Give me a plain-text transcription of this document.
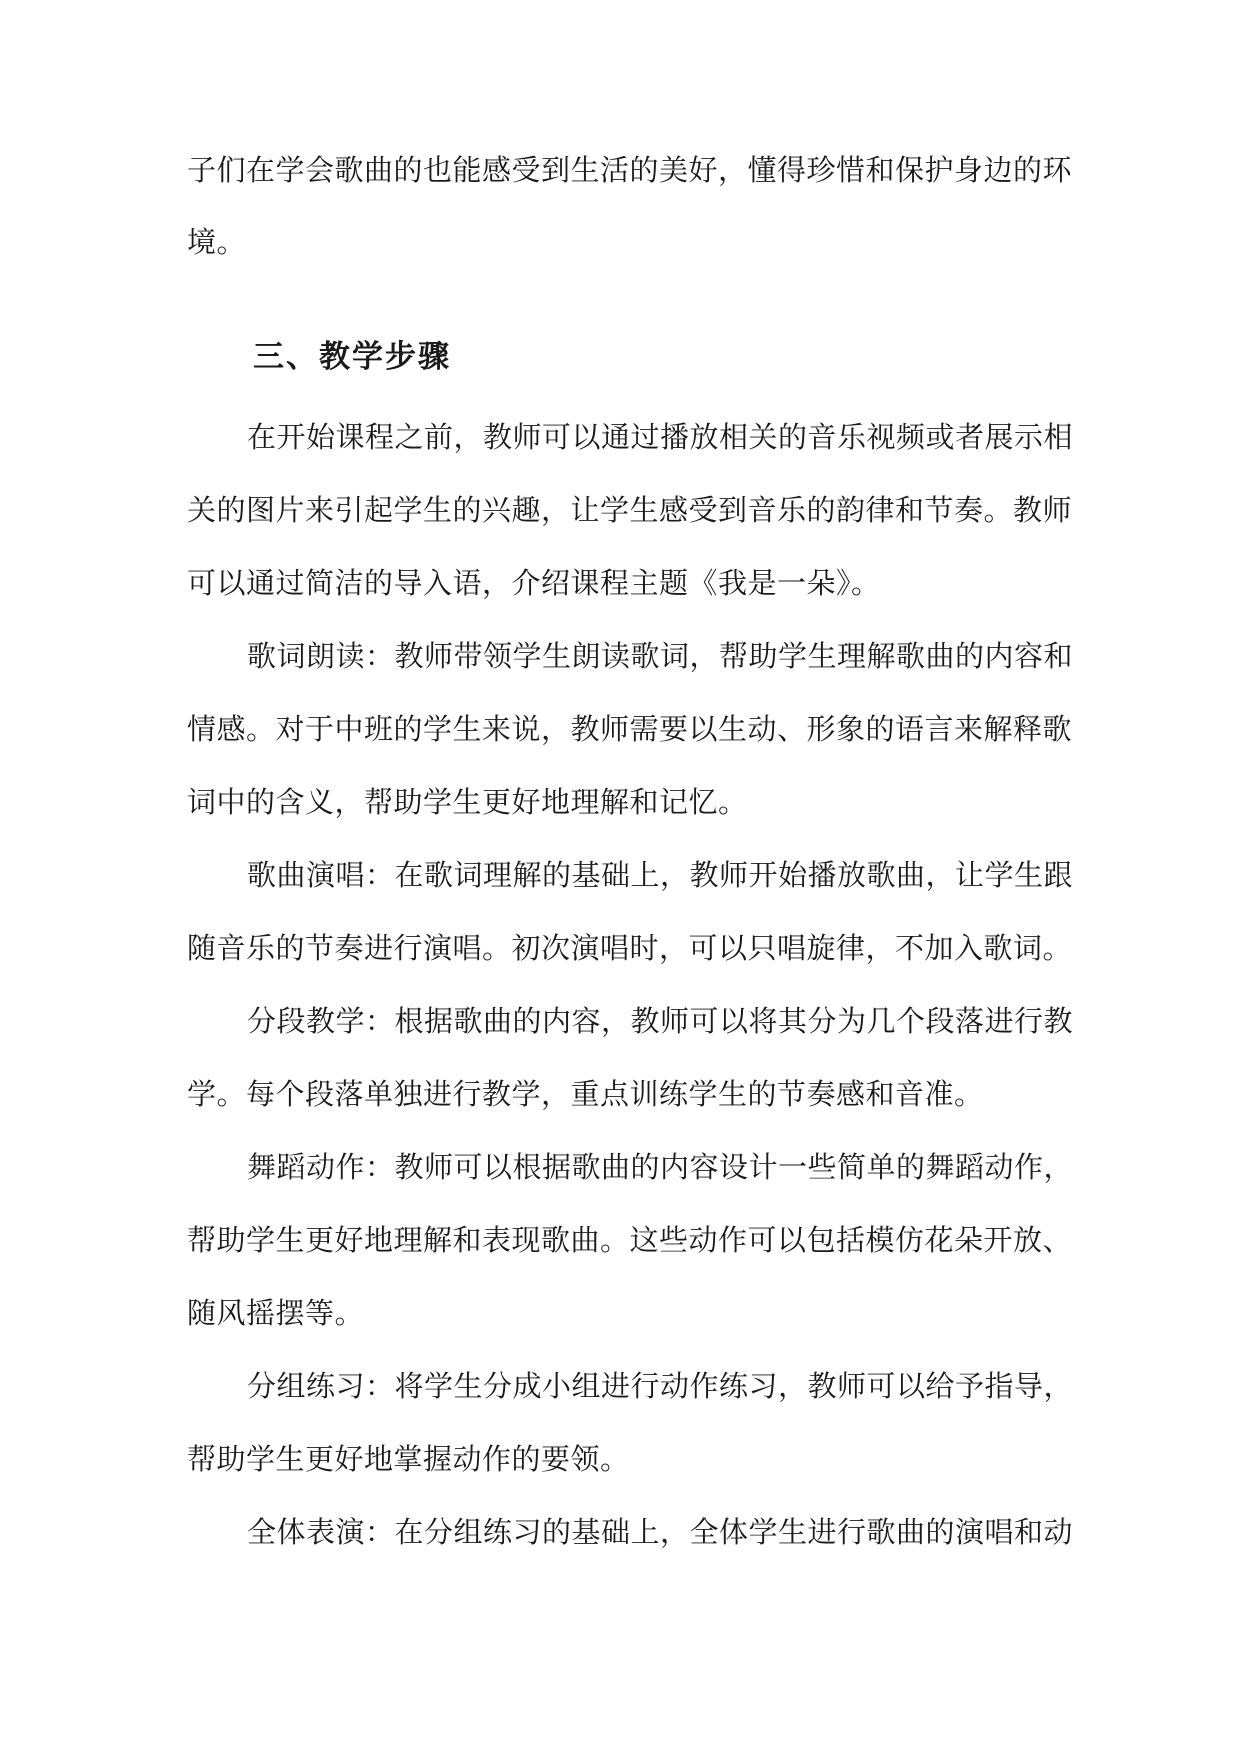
子们在学会歌曲的也能感受到生活的美好，懂得珍惜和保护身边的环
境。
三、教学步骤
在开始课程之前，教师可以通过播放相关的音乐视频或者展示相
关的图片来引起学生的兴趣，让学生感受到音乐的韵律和节奏。教师
可以通过简洁的导入语，介绍课程主题《我是一朵》。
歌词朗读：教师带领学生朗读歌词，帮助学生理解歌曲的内容和
情感。对于中班的学生来说，教师需要以生动、形象的语言来解释歌
词中的含义，帮助学生更好地理解和记忆。
歌曲演唱：在歌词理解的基础上，教师开始播放歌曲，让学生跟
随音乐的节奏进行演唱。初次演唱时，可以只唱旋律，不加入歌词。
分段教学：根据歌曲的内容，教师可以将其分为几个段落进行教
学。每个段落单独进行教学，重点训练学生的节奏感和音准。
舞蹈动作：教师可以根据歌曲的内容设计一些简单的舞蹈动作，
帮助学生更好地理解和表现歌曲。这些动作可以包括模仿花朵开放、
随风摇摆等。
分组练习：将学生分成小组进行动作练习，教师可以给予指导，
帮助学生更好地掌握动作的要领。
全体表演：在分组练习的基础上，全体学生进行歌曲的演唱和动
